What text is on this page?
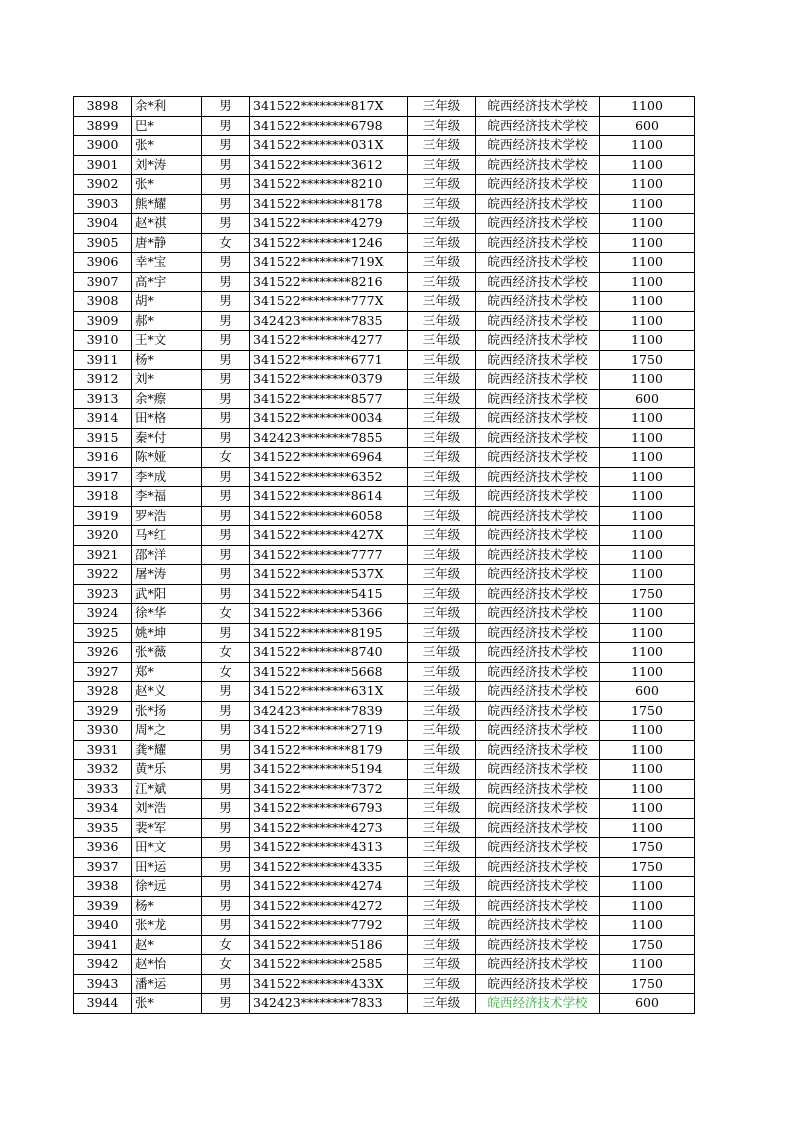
3898	余*利	男	341522********817X	三年级	皖西经济技术学校	1100
3899	巴*	男	341522********6798	三年级	皖西经济技术学校	600
3900	张*	男	341522********031X	三年级	皖西经济技术学校	1100
3901	刘*涛	男	341522********3612	三年级	皖西经济技术学校	1100
3902	张*	男	341522********8210	三年级	皖西经济技术学校	1100
3903	熊*耀	男	341522********8178	三年级	皖西经济技术学校	1100
3904	赵*祺	男	341522********4279	三年级	皖西经济技术学校	1100
3905	唐*静	女	341522********1246	三年级	皖西经济技术学校	1100
3906	幸*宝	男	341522********719X	三年级	皖西经济技术学校	1100
3907	高*宇	男	341522********8216	三年级	皖西经济技术学校	1100
3908	胡*	男	341522********777X	三年级	皖西经济技术学校	1100
3909	郝*	男	342423********7835	三年级	皖西经济技术学校	1100
3910	王*文	男	341522********4277	三年级	皖西经济技术学校	1100
3911	杨*	男	341522********6771	三年级	皖西经济技术学校	1750
3912	刘*	男	341522********0379	三年级	皖西经济技术学校	1100
3913	余*瘵	男	341522********8577	三年级	皖西经济技术学校	600
3914	田*格	男	341522********0034	三年级	皖西经济技术学校	1100
3915	秦*付	男	342423********7855	三年级	皖西经济技术学校	1100
3916	陈*娅	女	341522********6964	三年级	皖西经济技术学校	1100
3917	李*成	男	341522********6352	三年级	皖西经济技术学校	1100
3918	李*福	男	341522********8614	三年级	皖西经济技术学校	1100
3919	罗*浩	男	341522********6058	三年级	皖西经济技术学校	1100
3920	马*红	男	341522********427X	三年级	皖西经济技术学校	1100
3921	邵*洋	男	341522********7777	三年级	皖西经济技术学校	1100
3922	屠*涛	男	341522********537X	三年级	皖西经济技术学校	1100
3923	武*阳	男	341522********5415	三年级	皖西经济技术学校	1750
3924	徐*华	女	341522********5366	三年级	皖西经济技术学校	1100
3925	姚*坤	男	341522********8195	三年级	皖西经济技术学校	1100
3926	张*薇	女	341522********8740	三年级	皖西经济技术学校	1100
3927	郑*	女	341522********5668	三年级	皖西经济技术学校	1100
3928	赵*义	男	341522********631X	三年级	皖西经济技术学校	600
3929	张*扬	男	342423********7839	三年级	皖西经济技术学校	1750
3930	周*之	男	341522********2719	三年级	皖西经济技术学校	1100
3931	龚*耀	男	341522********8179	三年级	皖西经济技术学校	1100
3932	黄*乐	男	341522********5194	三年级	皖西经济技术学校	1100
3933	江*斌	男	341522********7372	三年级	皖西经济技术学校	1100
3934	刘*浩	男	341522********6793	三年级	皖西经济技术学校	1100
3935	裴*军	男	341522********4273	三年级	皖西经济技术学校	1100
3936	田*文	男	341522********4313	三年级	皖西经济技术学校	1750
3937	田*运	男	341522********4335	三年级	皖西经济技术学校	1750
3938	徐*远	男	341522********4274	三年级	皖西经济技术学校	1100
3939	杨*	男	341522********4272	三年级	皖西经济技术学校	1100
3940	张*龙	男	341522********7792	三年级	皖西经济技术学校	1100
3941	赵*	女	341522********5186	三年级	皖西经济技术学校	1750
3942	赵*怡	女	341522********2585	三年级	皖西经济技术学校	1100
3943	潘*运	男	341522********433X	三年级	皖西经济技术学校	1750
3944	张*	男	342423********7833	三年级	皖西经济技术学校	600
